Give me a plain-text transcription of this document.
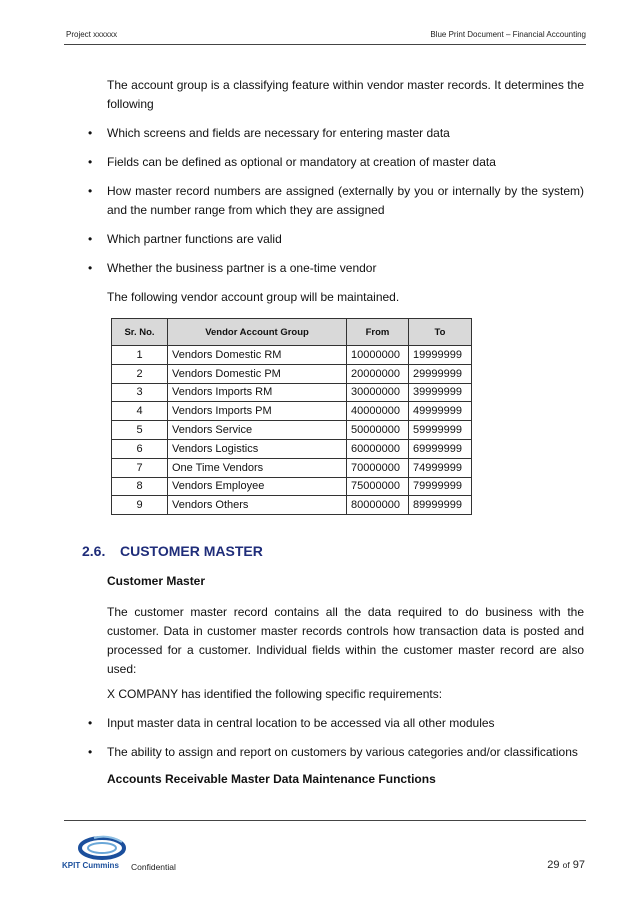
Project xxxxxx	Blue Print Document – Financial Accounting
The account group is a classifying feature within vendor master records. It determines the following
• Which screens and fields are necessary for entering master data
• Fields can be defined as optional or mandatory at creation of master data
• How master record numbers are assigned (externally by you or internally by the system) and the number range from which they are assigned
• Which partner functions are valid
• Whether the business partner is a one-time vendor
The following vendor account group will be maintained.
Sr. No.	Vendor Account Group	From	To
1	Vendors Domestic RM	10000000	19999999
2	Vendors Domestic PM	20000000	29999999
3	Vendors Imports RM	30000000	39999999
4	Vendors Imports PM	40000000	49999999
5	Vendors Service	50000000	59999999
6	Vendors Logistics	60000000	69999999
7	One Time Vendors	70000000	74999999
8	Vendors Employee	75000000	79999999
9	Vendors Others	80000000	89999999
2.6. CUSTOMER MASTER
Customer Master
The customer master record contains all the data required to do business with the customer. Data in customer master records controls how transaction data is posted and processed for a customer. Individual fields within the customer master record are also used:
X COMPANY has identified the following specific requirements:
• Input master data in central location to be accessed via all other modules
• The ability to assign and report on customers by various categories and/or classifications
Accounts Receivable Master Data Maintenance Functions
KPIT Cummins Confidential	29 of 97
